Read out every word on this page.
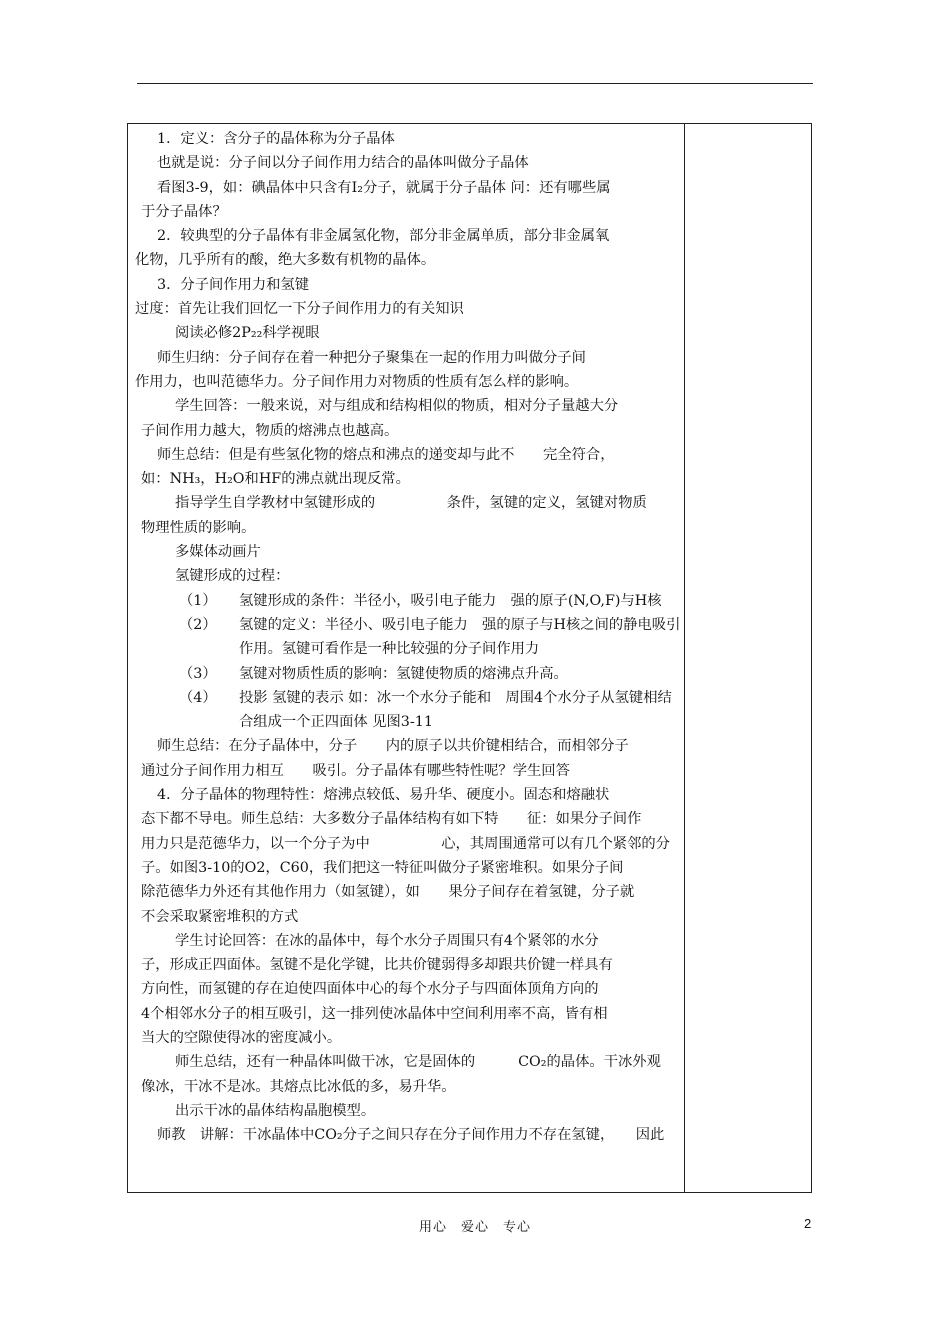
1．定义：含分子的晶体称为分子晶体
也就是说：分子间以分子间作用力结合的晶体叫做分子晶体
看图3-9，如：碘晶体中只含有I₂分子，就属于分子晶体 问：还有哪些属
于分子晶体？
2．较典型的分子晶体有非金属氢化物，部分非金属单质，部分非金属氧
化物，几乎所有的酸，绝大多数有机物的晶体。
3．分子间作用力和氢键
过度：首先让我们回忆一下分子间作用力的有关知识
阅读必修2P₂₂科学视眼
师生归纳：分子间存在着一种把分子聚集在一起的作用力叫做分子间
作用力，也叫范德华力。分子间作用力对物质的性质有怎么样的影响。
学生回答：一般来说，对与组成和结构相似的物质，相对分子量越大分
子间作用力越大，物质的熔沸点也越高。
师生总结：但是有些氢化物的熔点和沸点的递变却与此不　　完全符合，
如：NH₃，H₂O和HF的沸点就出现反常。
指导学生自学教材中氢键形成的　　　　　条件，氢键的定义，氢键对物质
物理性质的影响。
多媒体动画片
氢键形成的过程：
（1）	氢键形成的条件：半径小，吸引电子能力　强的原子(N,O,F)与H核
（2）	氢键的定义：半径小、吸引电子能力　强的原子与H核之间的静电吸引作用。氢键可看作是一种比较强的分子间作用力
（3）	氢键对物质性质的影响：氢键使物质的熔沸点升高。
（4）	投影 氢键的表示 如：冰一个水分子能和　周围4个水分子从氢键相结合组成一个正四面体 见图3-11
师生总结：在分子晶体中，分子　　内的原子以共价键相结合，而相邻分子
通过分子间作用力相互　　吸引。分子晶体有哪些特性呢？学生回答
4．分子晶体的物理特性：熔沸点较低、易升华、硬度小。固态和熔融状
态下都不导电。师生总结：大多数分子晶体结构有如下特　　征：如果分子间作
用力只是范德华力，以一个分子为中　　　　　心，其周围通常可以有几个紧邻的分
子。如图3-10的O2，C60，我们把这一特征叫做分子紧密堆积。如果分子间
除范德华力外还有其他作用力（如氢键），如　　果分子间存在着氢键，分子就
不会采取紧密堆积的方式
学生讨论回答：在冰的晶体中，每个水分子周围只有4个紧邻的水分
子，形成正四面体。氢键不是化学键，比共价键弱得多却跟共价键一样具有
方向性，而氢键的存在迫使四面体中心的每个水分子与四面体顶角方向的
4个相邻水分子的相互吸引，这一排列使冰晶体中空间利用率不高，皆有相
当大的空隙使得冰的密度减小。
师生总结，还有一种晶体叫做干冰，它是固体的　　　CO₂的晶体。干冰外观
像冰，干冰不是冰。其熔点比冰低的多，易升华。
出示干冰的晶体结构晶胞模型。
师教　讲解：干冰晶体中CO₂分子之间只存在分子间作用力不存在氢键，　　因此
用心　爱心　专心	2
